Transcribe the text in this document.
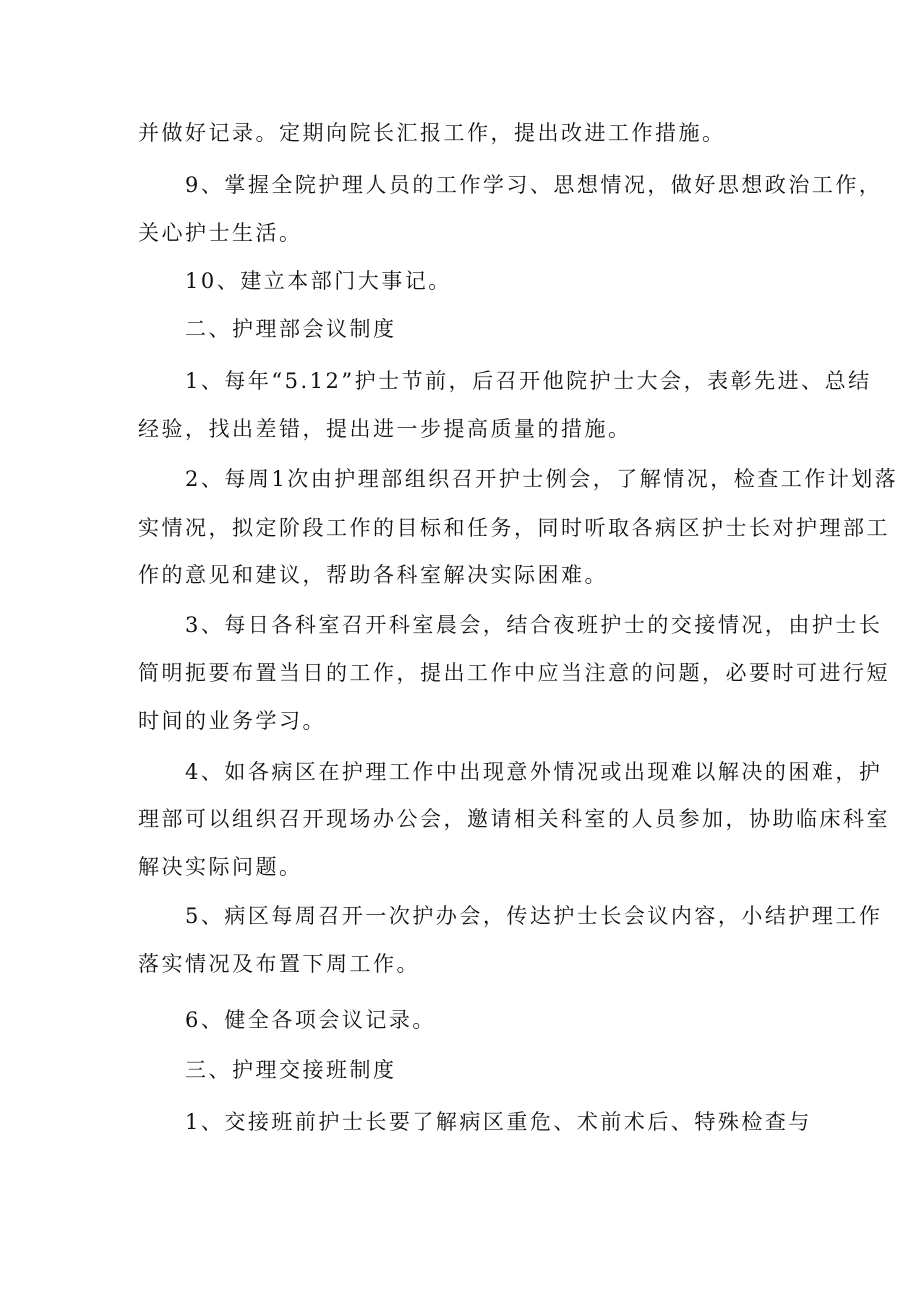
并做好记录。定期向院长汇报工作，提出改进工作措施。
9、掌握全院护理人员的工作学习、思想情况，做好思想政治工作，
关心护士生活。
10、建立本部门大事记。
二、护理部会议制度
1、每年“5.12”护士节前，后召开他院护士大会，表彰先进、总结
经验，找出差错，提出进一步提高质量的措施。
2、每周1次由护理部组织召开护士例会，了解情况，检查工作计划落
实情况，拟定阶段工作的目标和任务，同时听取各病区护士长对护理部工
作的意见和建议，帮助各科室解决实际困难。
3、每日各科室召开科室晨会，结合夜班护士的交接情况，由护士长
简明扼要布置当日的工作，提出工作中应当注意的问题，必要时可进行短
时间的业务学习。
4、如各病区在护理工作中出现意外情况或出现难以解决的困难，护
理部可以组织召开现场办公会，邀请相关科室的人员参加，协助临床科室
解决实际问题。
5、病区每周召开一次护办会，传达护士长会议内容，小结护理工作
落实情况及布置下周工作。
6、健全各项会议记录。
三、护理交接班制度
1、交接班前护士长要了解病区重危、术前术后、特殊检查与
